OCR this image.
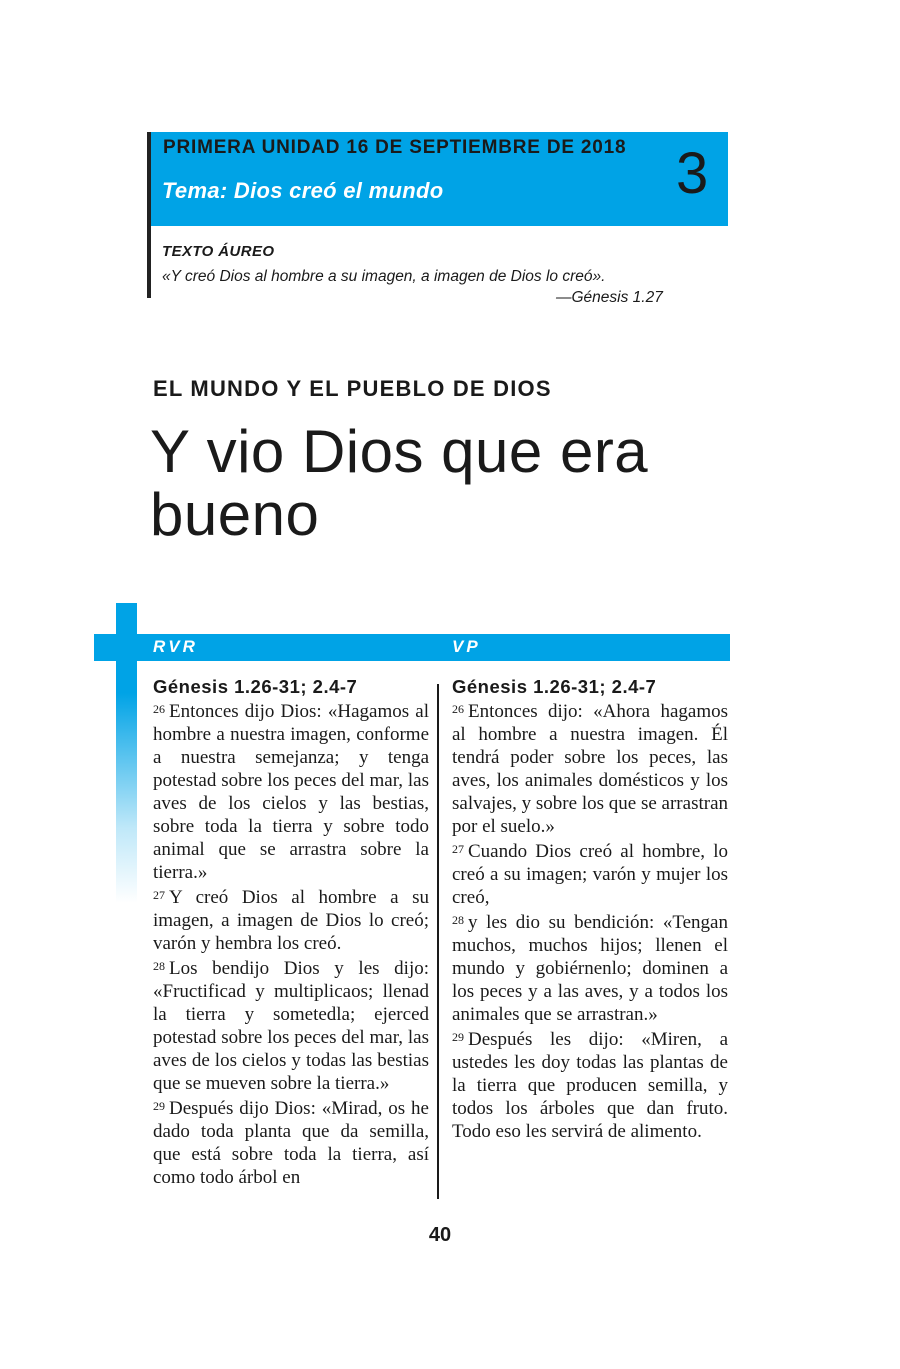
PRIMERA UNIDAD 16 DE SEPTIEMBRE DE 2018
Tema: Dios creó el mundo	3
TEXTO ÁUREO
«Y creó Dios al hombre a su imagen, a imagen de Dios lo creó».
—Génesis 1.27
EL MUNDO Y EL PUEBLO DE DIOS
Y vio Dios que era bueno
RVR	VP
Génesis 1.26-31; 2.4-7

$^{26}$ Entonces dijo Dios: «Hagamos al hombre a nuestra imagen, conforme a nuestra semejanza; y tenga potestad sobre los peces del mar, las aves de los cielos y las bestias, sobre toda la tierra y sobre todo animal que se arrastra sobre la tierra.»

$^{27}$ Y creó Dios al hombre a su imagen, a imagen de Dios lo creó; varón y hembra los creó.

$^{28}$ Los bendijo Dios y les dijo: «Fructificad y multiplicaos; llenad la tierra y sometedla; ejerced potestad sobre los peces del mar, las aves de los cielos y todas las bestias que se mueven sobre la tierra.»

$^{29}$ Después dijo Dios: «Mirad, os he dado toda planta que da semilla, que está sobre toda la tierra, así como todo árbol en

Génesis 1.26-31; 2.4-7

$^{26}$ Entonces dijo: «Ahora hagamos al hombre a nuestra imagen. Él tendrá poder sobre los peces, las aves, los animales domésticos y los salvajes, y sobre los que se arrastran por el suelo.»

$^{27}$ Cuando Dios creó al hombre, lo creó a su imagen; varón y mujer los creó,

$^{28}$ y les dio su bendición: «Tengan muchos, muchos hijos; llenen el mundo y gobiérnenlo; dominen a los peces y a las aves, y a todos los animales que se arrastran.»

$^{29}$ Después les dijo: «Miren, a ustedes les doy todas las plantas de la tierra que producen semilla, y todos los árboles que dan fruto. Todo eso les servirá de alimento.

40
